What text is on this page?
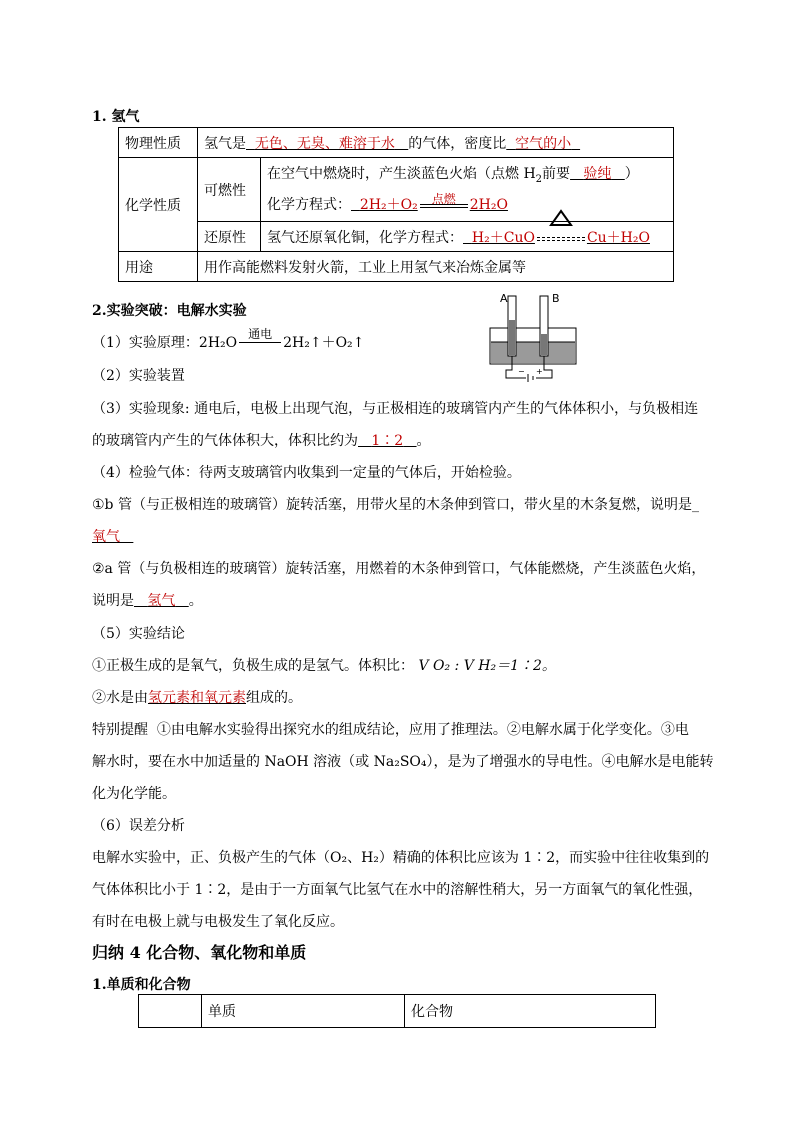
1. 氢气
物理性质	氢气是 无色、无臭、难溶于水 的气体，密度比 空气的小	
化学性质	可燃性	在空气中燃烧时，产生淡蓝色火焰（点燃 $H_2$前要 验纯 ）
化学方程式： 2H₂＋O₂ 点燃 2H₂O

	还原性	氢气还原氧化铜，化学方程式： H₂＋CuO Cu＋H₂O
用途	用作高能燃料发射火箭，工业上用氢气来冶炼金属等	
2.实验突破：电解水实验
（1）实验原理：2H₂O
通电
2H₂↑＋O₂↑
（2）实验装置
A	B
+
−
（3）实验现象: 通电后，电极上出现气泡，与正极相连的玻璃管内产生的气体体积小，与负极相连
的玻璃管内产生的气体体积大，体积比约为 1∶2 。
（4）检验气体：待两支玻璃管内收集到一定量的气体后，开始检验。
①b 管（与正极相连的玻璃管）旋转活塞，用带火星的木条伸到管口，带火星的木条复燃，说明是_
氧气
②a 管（与负极相连的玻璃管）旋转活塞，用燃着的木条伸到管口，气体能燃烧，产生淡蓝色火焰，
说明是 氢气 。
（5）实验结论
①正极生成的是氧气，负极生成的是氢气。体积比： V O₂ : V H₂＝1∶2。
②水是由氢元素和氧元素组成的。
特别提醒 ①由电解水实验得出探究水的组成结论，应用了推理法。②电解水属于化学变化。③电
解水时，要在水中加适量的 NaOH 溶液（或 Na₂SO₄），是为了增强水的导电性。④电解水是电能转
化为化学能。
（6）误差分析
电解水实验中，正、负极产生的气体（O₂、H₂）精确的体积比应该为 1∶2，而实验中往往收集到的
气体体积比小于 1∶2，是由于一方面氧气比氢气在水中的溶解性稍大，另一方面氧气的氧化性强，
有时在电极上就与电极发生了氧化反应。
归纳 4 化合物、氧化物和单质
1.单质和化合物
	单质	化合物
